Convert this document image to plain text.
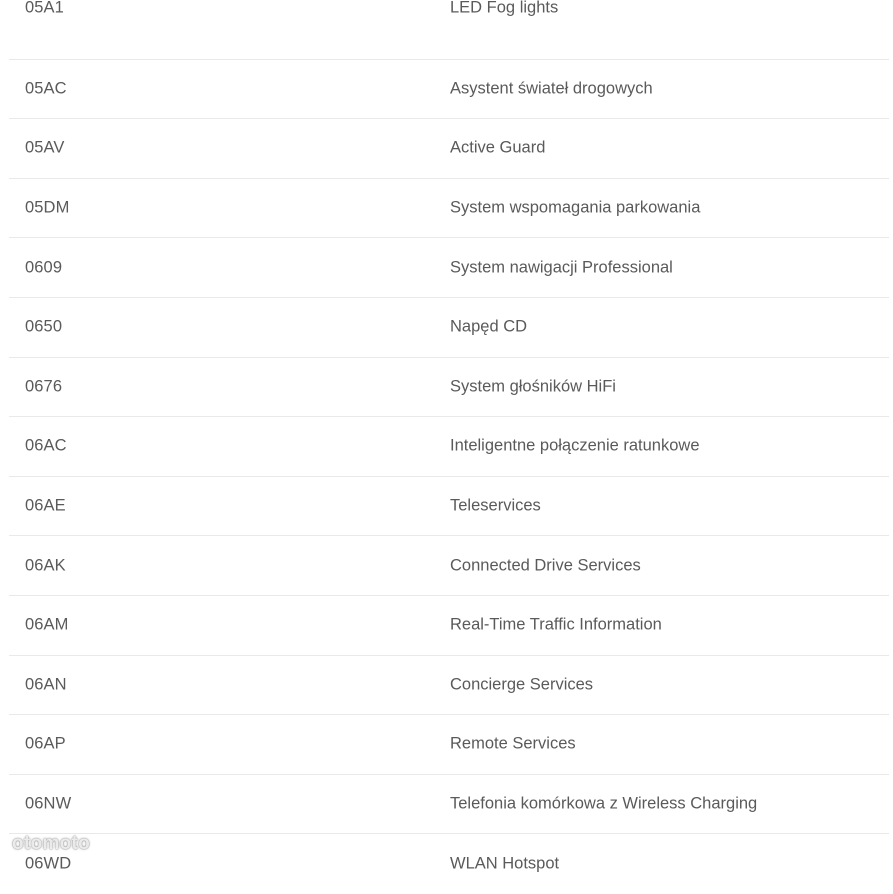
05A1	LED Fog lights
05AC	Asystent świateł drogowych
05AV	Active Guard
05DM	System wspomagania parkowania
0609	System nawigacji Professional
0650	Napęd CD
0676	System głośników HiFi
06AC	Inteligentne połączenie ratunkowe
06AE	Teleservices
06AK	Connected Drive Services
06AM	Real-Time Traffic Information
06AN	Concierge Services
06AP	Remote Services
06NW	Telefonia komórkowa z Wireless Charging
06WD	WLAN Hotspot
otomoto
